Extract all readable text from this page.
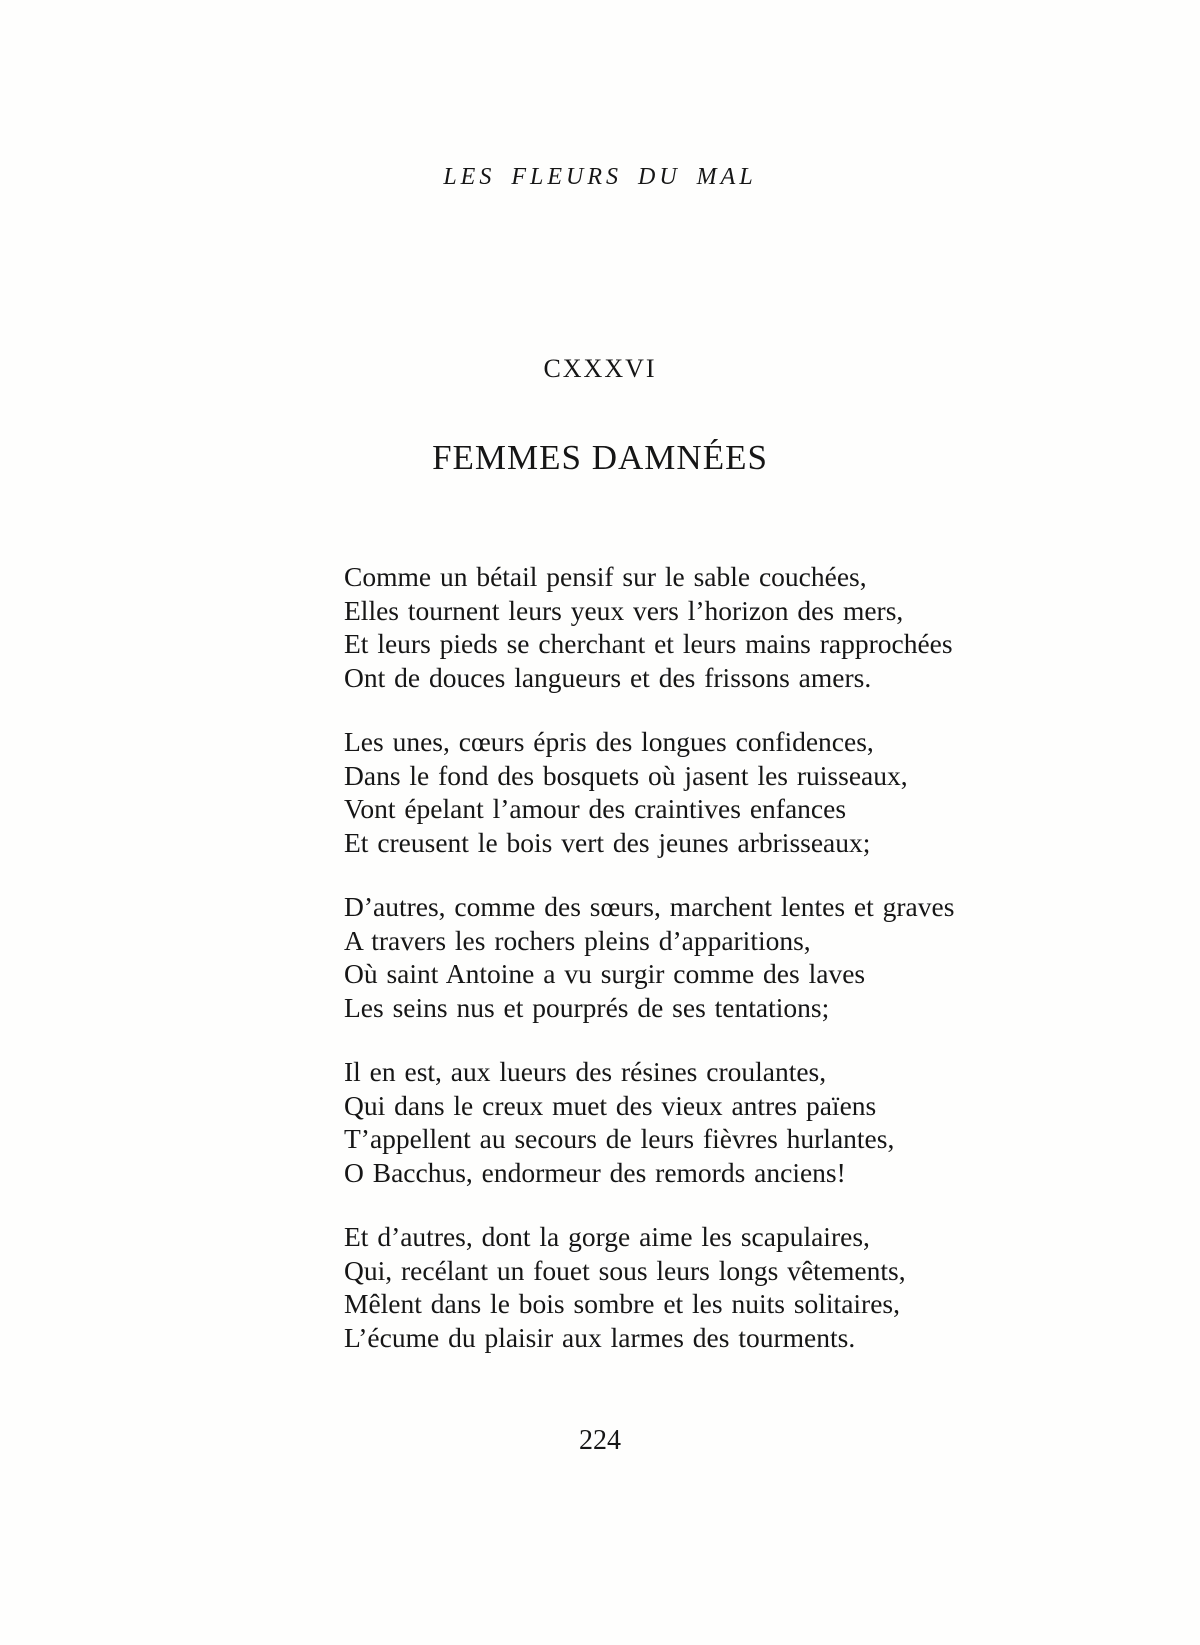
LES FLEURS DU MAL
CXXXVI
FEMMES DAMNÉES
Comme un bétail pensif sur le sable couchées,
Elles tournent leurs yeux vers l’horizon des mers,
Et leurs pieds se cherchant et leurs mains rapprochées
Ont de douces langueurs et des frissons amers.
Les unes, cœurs épris des longues confidences,
Dans le fond des bosquets où jasent les ruisseaux,
Vont épelant l’amour des craintives enfances
Et creusent le bois vert des jeunes arbrisseaux;
D’autres, comme des sœurs, marchent lentes et graves
A travers les rochers pleins d’apparitions,
Où saint Antoine a vu surgir comme des laves
Les seins nus et pourprés de ses tentations;
Il en est, aux lueurs des résines croulantes,
Qui dans le creux muet des vieux antres païens
T’appellent au secours de leurs fièvres hurlantes,
O Bacchus, endormeur des remords anciens!
Et d’autres, dont la gorge aime les scapulaires,
Qui, recélant un fouet sous leurs longs vêtements,
Mêlent dans le bois sombre et les nuits solitaires,
L’écume du plaisir aux larmes des tourments.
224
